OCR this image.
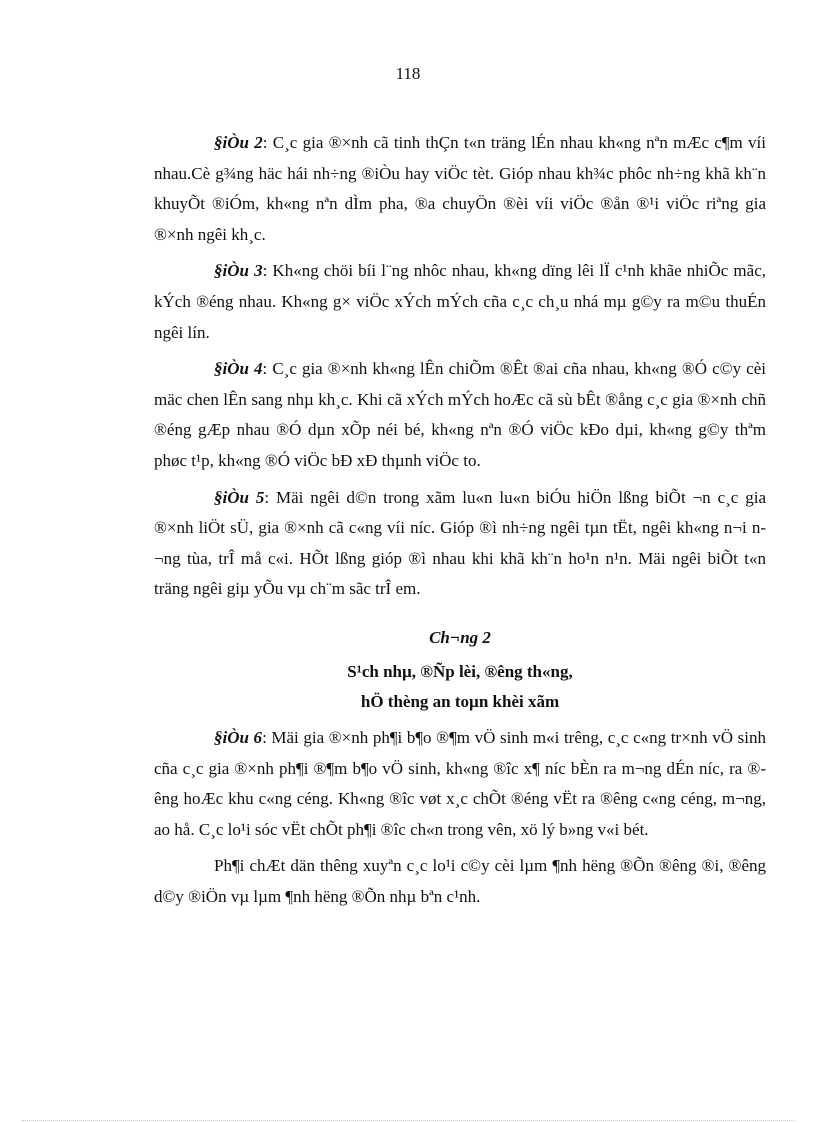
118

§iÒu 2: C¸c gia ®×nh cã tinh thÇn t«n träng lÉn nhau kh«ng nªn mÆc c¶m víi nhau.Cè g¾ng häc hái nh÷ng ®iÒu hay viÖc tèt. Gióp nhau kh¾c phôc nh÷ng khã kh¨n khuyÕt ®iÓm, kh«ng nªn dÌm pha, ®a chuyÖn ®èi víi viÖc ®ån ®¹i viÖc riªng gia ®×nh ngêi kh¸c.

§iÒu 3: Kh«ng chöi bíi l¨ng nhôc nhau, kh«ng dïng lêi lÏ c¹nh khãe nhiÕc mãc, kÝch ®éng nhau. Kh«ng g× viÖc xÝch mÝch cña c¸c ch¸u nhá mµ g©y ra m©u thuÉn ngêi lín.

§iÒu 4: C¸c gia ®×nh kh«ng lÊn chiÕm ®Êt ®ai cña nhau, kh«ng ®Ó c©y cèi mäc chen lÊn sang nhµ kh¸c. Khi cã xÝch mÝch hoÆc cã sù bÊt ®ång c¸c gia ®×nh chñ ®éng gÆp nhau ®Ó dµn xÕp néi bé, kh«ng nªn ®Ó viÖc kÐo dµi, kh«ng g©y thªm phøc t¹p, kh«ng ®Ó viÖc bÐ xÐ thµnh viÖc to.

§iÒu 5: Mäi ngêi d©n trong xãm lu«n lu«n biÓu hiÖn lßng biÕt ¬n c¸c gia ®×nh liÖt sÜ, gia ®×nh cã c«ng víi níc. Gióp ®ì nh÷ng ngêi tµn tËt, ngêi kh«ng n¬i n¬ng tùa, trÎ må c«i. HÕt lßng gióp ®ì nhau khi khã kh¨n ho¹n n¹n. Mäi ngêi biÕt t«n träng ngêi giµ yÕu vµ ch¨m sãc trÎ em.

Ch¬ng 2

S¹ch nhµ, ®Ñp lèi, ®êng th«ng,

hÖ thèng an toµn khèi xãm

§iÒu 6: Mäi gia ®×nh ph¶i b¶o ®¶m vÖ sinh m«i trêng, c¸c c«ng tr×nh vÖ sinh cña c¸c gia ®×nh ph¶i ®¶m b¶o vÖ sinh, kh«ng ®îc x¶ níc bÈn ra m¬ng dÉn níc, ra ®êng hoÆc khu c«ng céng. Kh«ng ®îc vøt x¸c chÕt ®éng vËt ra ®êng c«ng céng, m¬ng, ao hå. C¸c lo¹i sóc vËt chÕt ph¶i ®îc ch«n trong vên, xö lý b»ng v«i bét.

Ph¶i chÆt dän thêng xuyªn c¸c lo¹i c©y cèi lµm ¶nh hëng ®Õn ®êng ®i, ®êng d©y ®iÖn vµ lµm ¶nh hëng ®Õn nhµ bªn c¹nh.
